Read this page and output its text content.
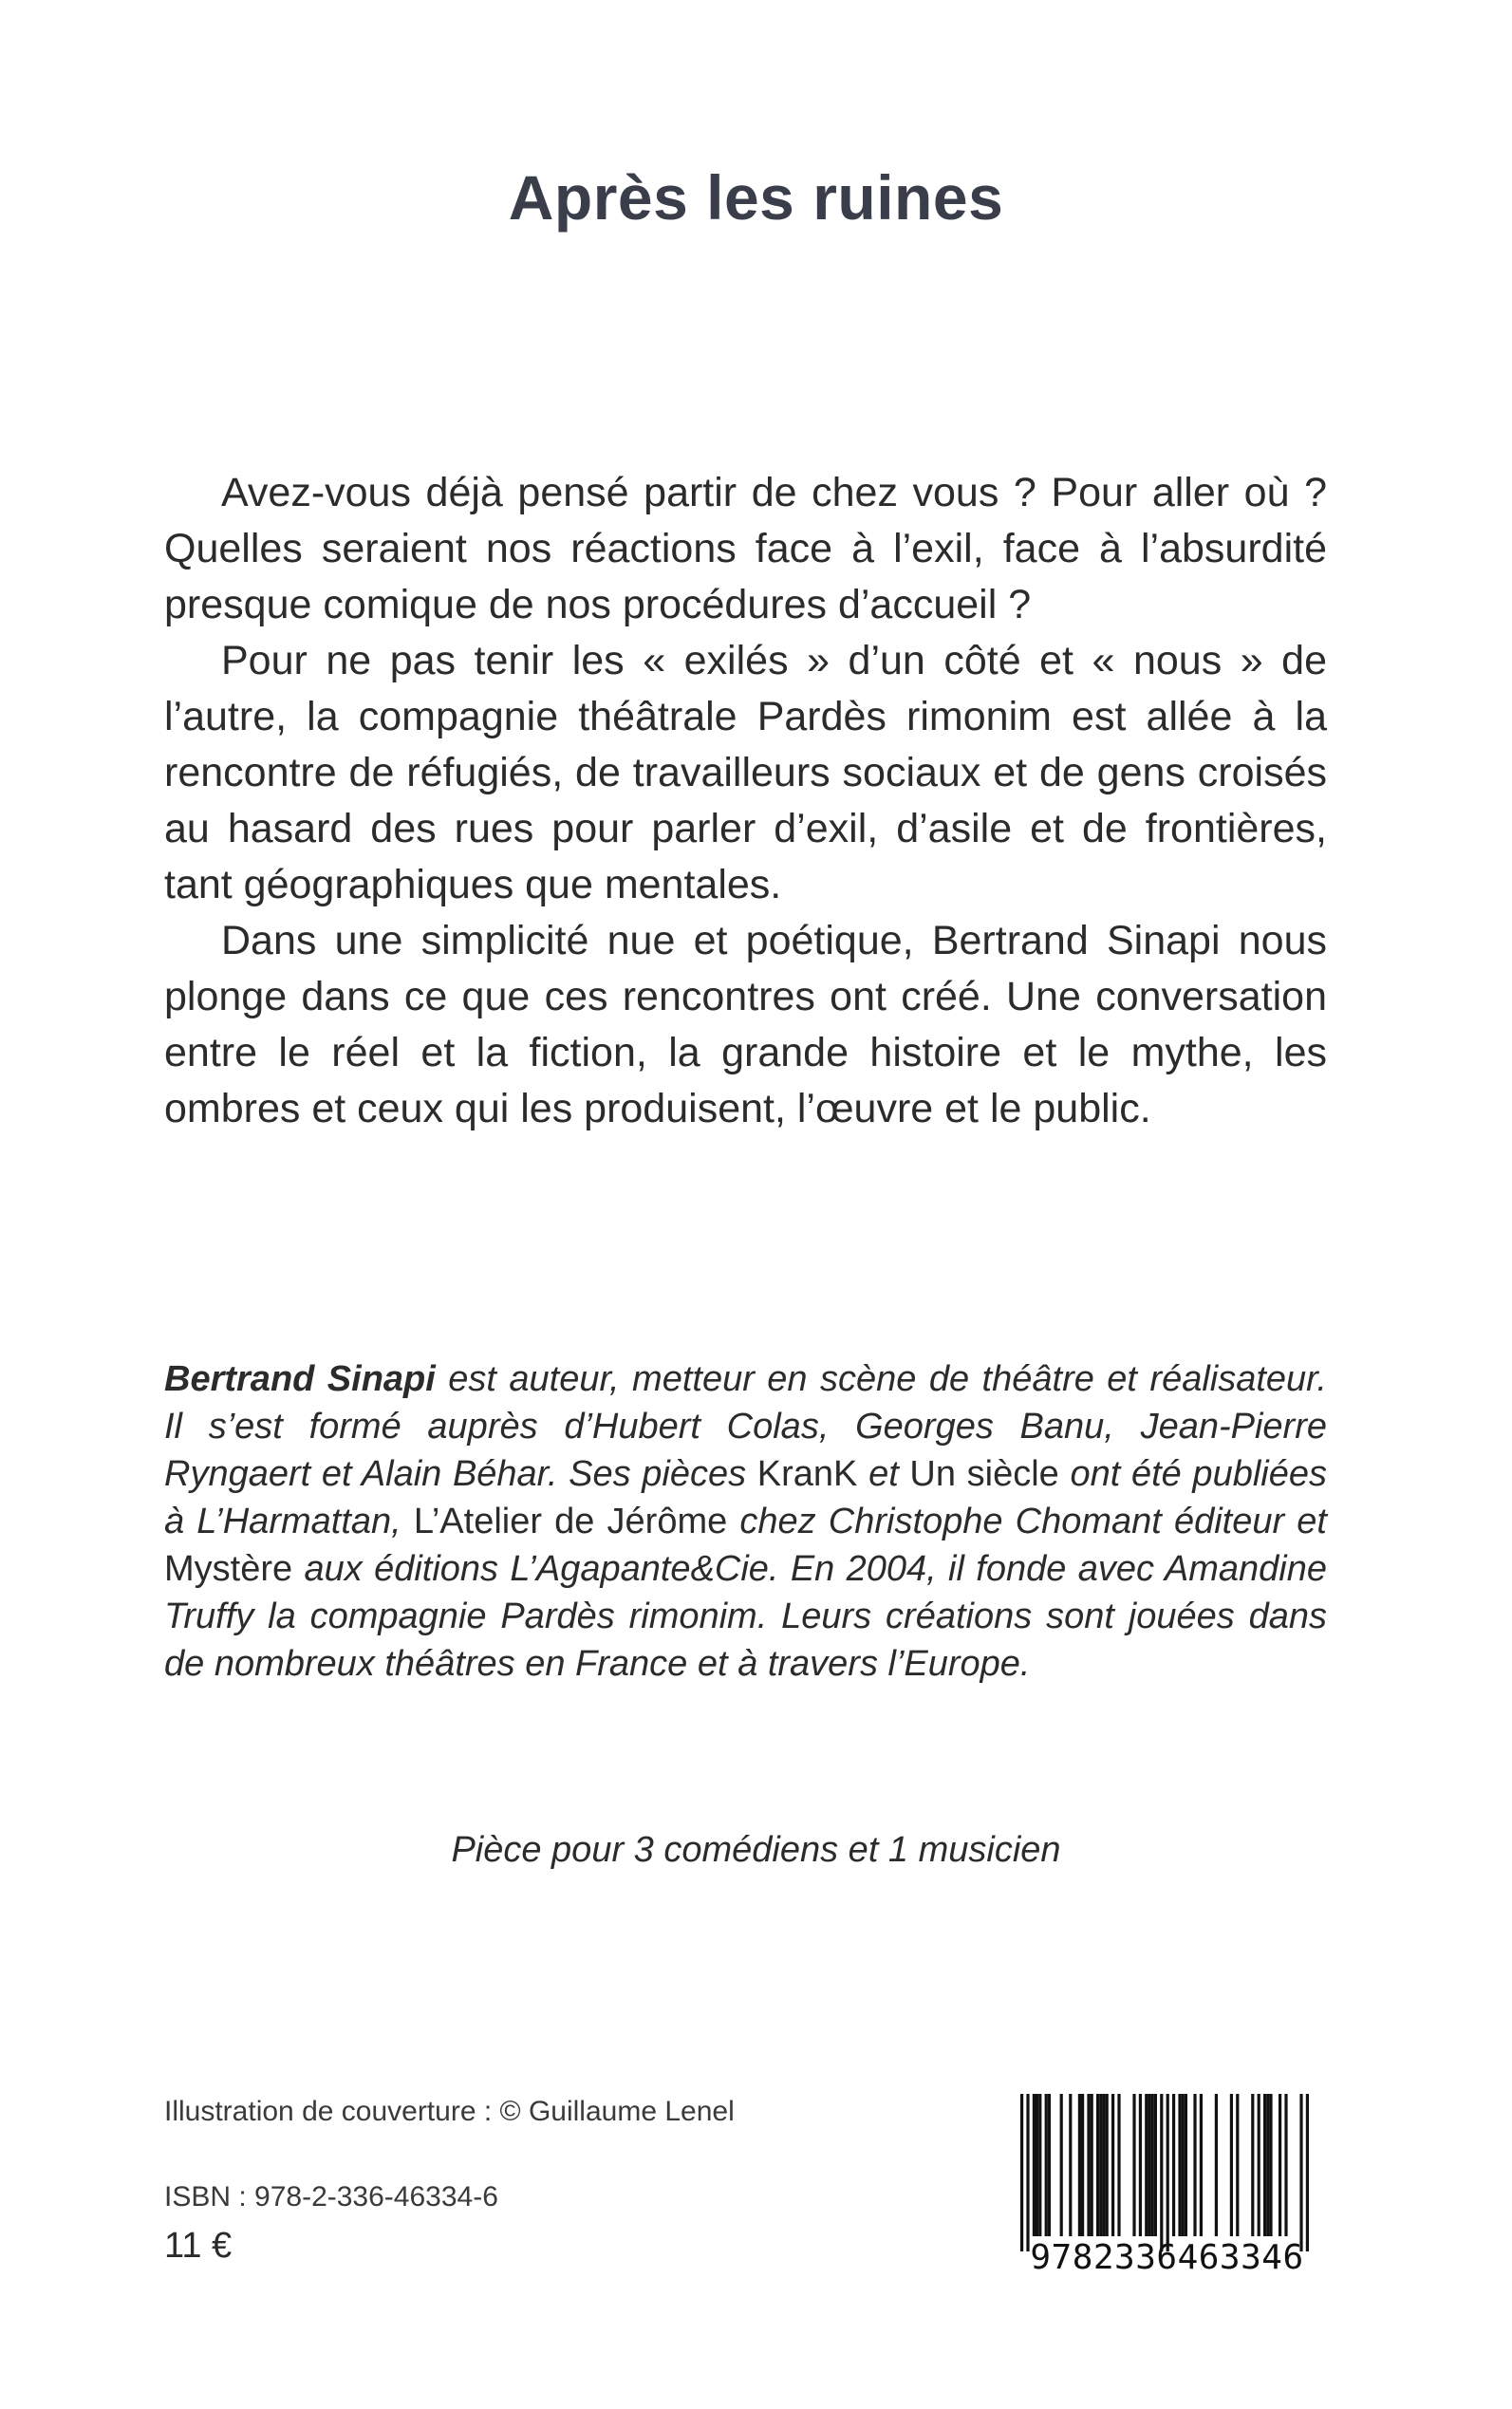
Après les ruines

Avez-vous déjà pensé partir de chez vous ? Pour aller où ? Quelles seraient nos réactions face à l’exil, face à l’absurdité presque comique de nos procédures d’accueil ?

Pour ne pas tenir les « exilés » d’un côté et « nous » de l’autre, la compagnie théâtrale Pardès rimonim est allée à la rencontre de réfugiés, de travailleurs sociaux et de gens croisés au hasard des rues pour parler d’exil, d’asile et de frontières, tant géographiques que mentales.

Dans une simplicité nue et poétique, Bertrand Sinapi nous plonge dans ce que ces rencontres ont créé. Une conversation entre le réel et la fiction, la grande histoire et le mythe, les ombres et ceux qui les produisent, l’œuvre et le public.

Bertrand Sinapi est auteur, metteur en scène de théâtre et réalisateur. Il s’est formé auprès d’Hubert Colas, Georges Banu, Jean-Pierre Ryngaert et Alain Béhar. Ses pièces KranK et Un siècle ont été publiées à L’Harmattan, L’Atelier de Jérôme chez Christophe Chomant éditeur et Mystère aux éditions L’Agapante&Cie. En 2004, il fonde avec Amandine Truffy la compagnie Pardès rimonim. Leurs créations sont jouées dans de nombreux théâtres en France et à travers l’Europe.

Pièce pour 3 comédiens et 1 musicien

Illustration de couverture : © Guillaume Lenel

ISBN : 978-2-336-46334-6

11 €	9782336463346
